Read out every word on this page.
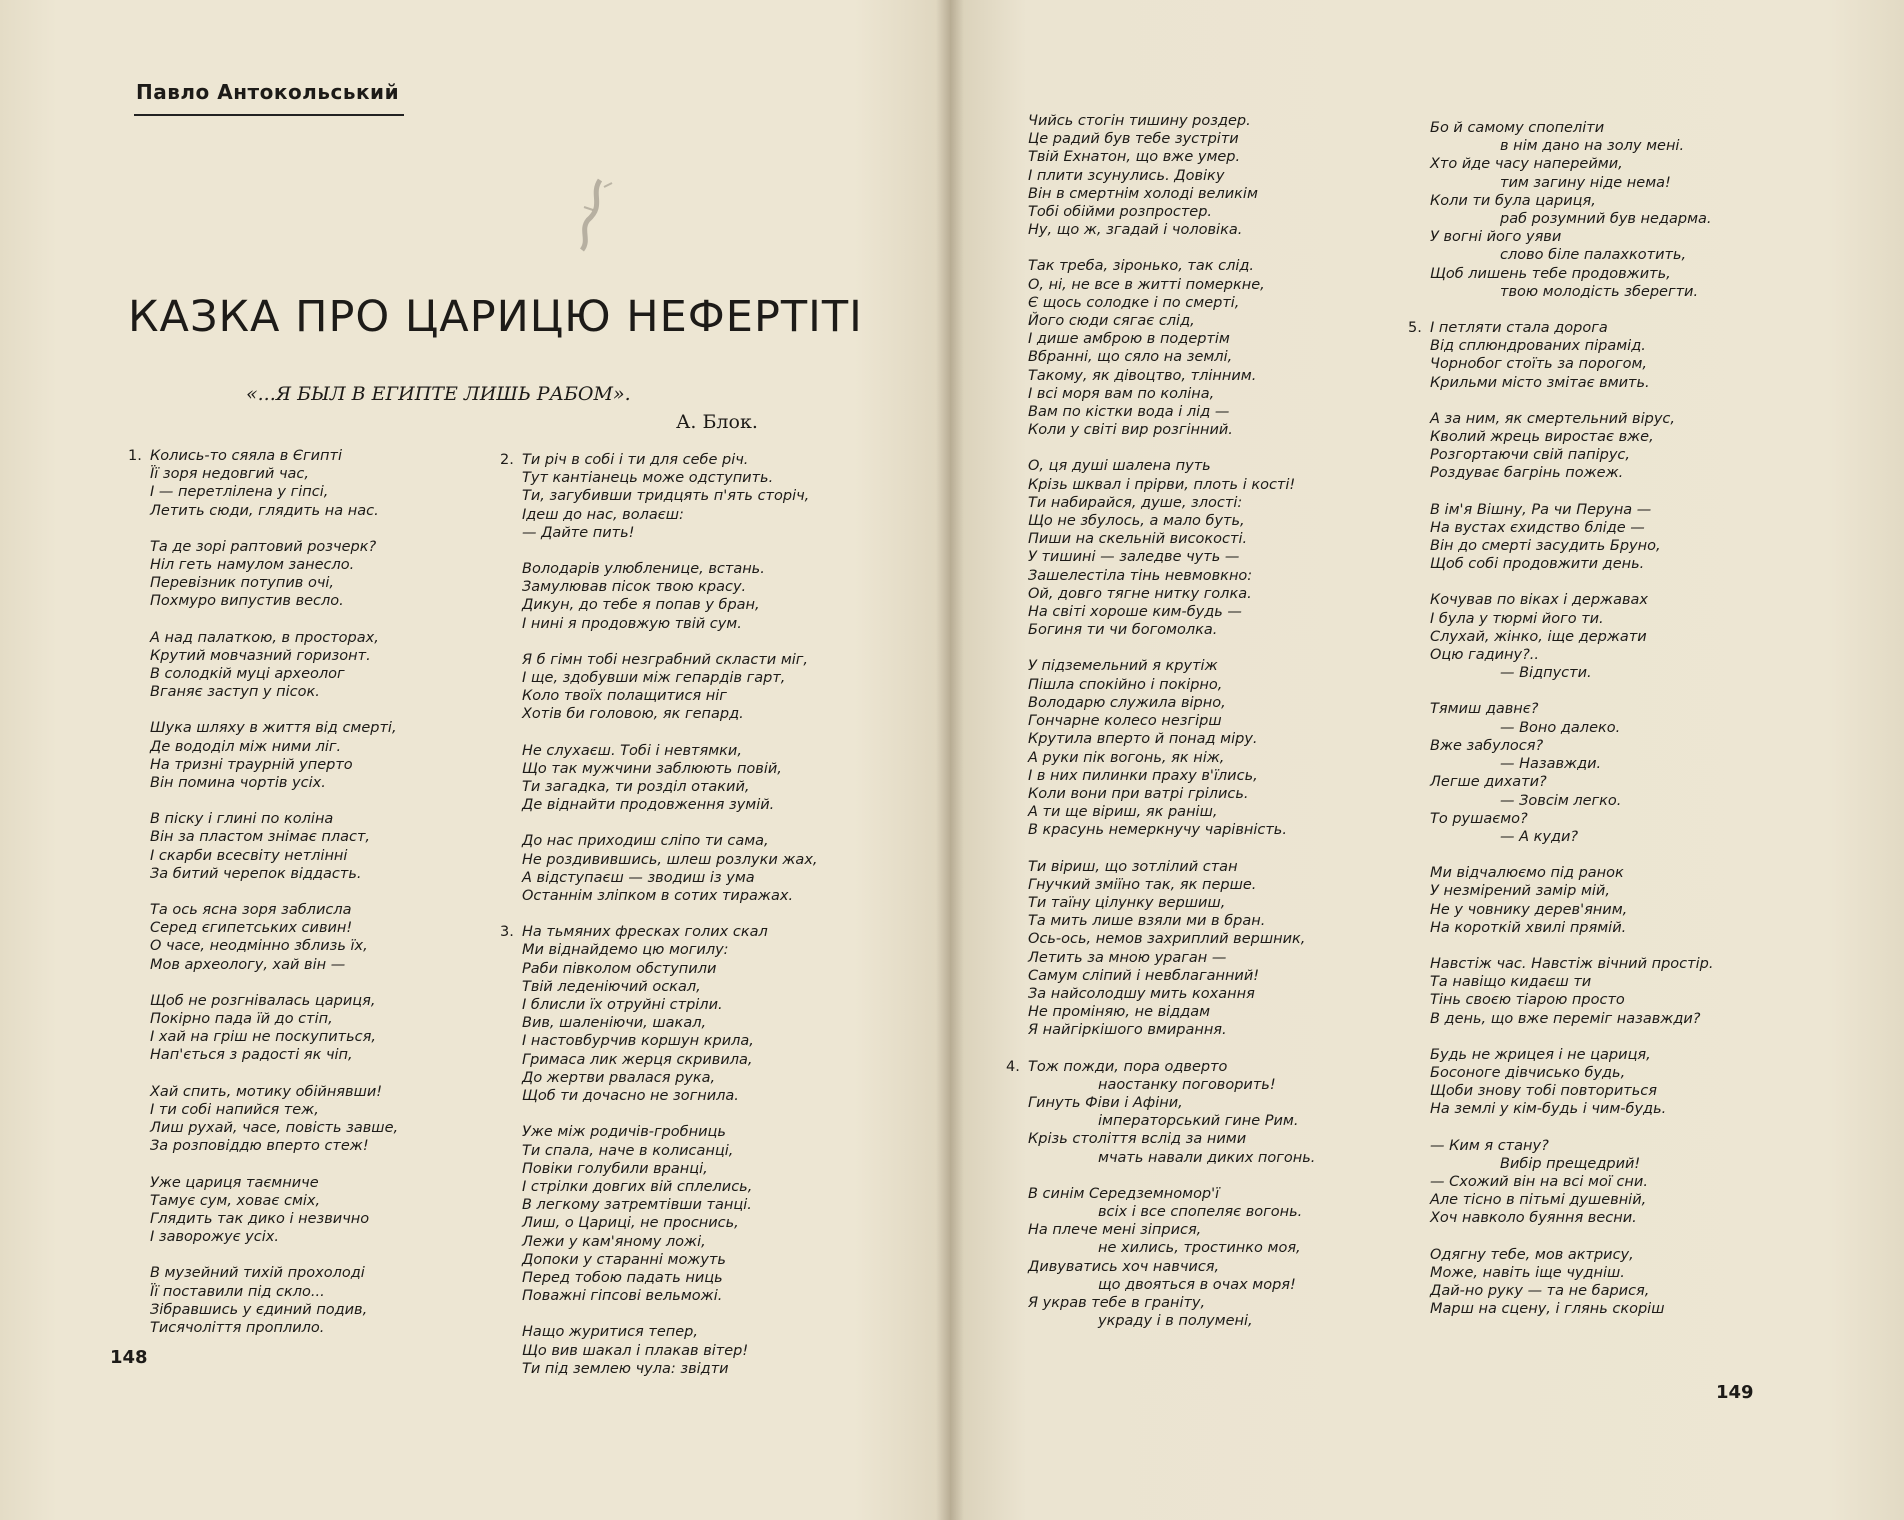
Павло Антокольський
КАЗКА ПРО ЦАРИЦЮ НЕФЕРТІТІ
«...Я БЫЛ В ЕГИПТЕ ЛИШЬ РАБОМ».
А. Блок.
1. Колись-то сяяла в Єгипті
Її зоря недовгий час,
І — перетлілена у гіпсі,
Летить сюди, глядить на нас.
Та де зорі раптовий розчерк?
Ніл геть намулом занесло.
Перевізник потупив очі,
Похмуро випустив весло.
А над палаткою, в просторах,
Крутий мовчазний горизонт.
В солодкій муці археолог
Вганяє заступ у пісок.
Шука шляху в життя від смерті,
Де вододіл між ними ліг.
На тризні траурній уперто
Він помина чортів усіх.
В піску і глині по коліна
Він за пластом знімає пласт,
І скарби всесвіту нетлінні
За битий черепок віддасть.
Та ось ясна зоря заблисла
Серед єгипетських сивин!
О часе, неодмінно зблизь їх,
Мов археологу, хай він —
Щоб не розгнівалась цариця,
Покірно пада їй до стіп,
І хай на гріш не поскупиться,
Нап'ється з радості як чіп,
Хай спить, мотику обійнявши!
І ти собі напийся теж,
Лиш рухай, часе, повість завше,
За розповіддю вперто стеж!
Уже цариця таємниче
Тамує сум, ховає сміх,
Глядить так дико і незвично
І заворожує усіх.
В музейний тихій прохолоді
Її поставили під скло...
Зібравшись у єдиний подив,
Тисячоліття проплило.
2. Ти річ в собі і ти для себе річ.
Тут кантіанець може одступить.
Ти, загубивши тридцять п'ять сторіч,
Ідеш до нас, волаєш:
— Дайте пить!
Володарів улюбленице, встань.
Замулював пісок твою красу.
Дикун, до тебе я попав у бран,
І нині я продовжую твій сум.
Я б гімн тобі незграбний скласти міг,
І ще, здобувши між гепардів гарт,
Коло твоїх полащитися ніг
Хотів би головою, як гепард.
Не слухаєш. Тобі і невтямки,
Що так мужчини заблюють повій,
Ти загадка, ти розділ отакий,
Де віднайти продовження зумій.
До нас приходиш сліпо ти сама,
Не роздивившись, шлеш розлуки жах,
А відступаєш — зводиш із ума
Останнім зліпком в сотих тиражах.
3. На тьмяних фресках голих скал
Ми віднайдемо цю могилу:
Раби півколом обступили
Твій леденіючий оскал,
І блисли їх отруйні стріли.
Вив, шаленіючи, шакал,
І настовбурчив коршун крила,
Гримаса лик жерця скривила,
До жертви рвалася рука,
Щоб ти дочасно не зогнила.
Уже між родичів-гробниць
Ти спала, наче в колисанці,
Повіки голубили вранці,
І стрілки довгих вій сплелись,
В легкому затремтівши танці.
Лиш, о Цариці, не проснись,
Лежи у кам'яному ложі,
Допоки у старанні можуть
Перед тобою падать ниць
Поважні гіпсові вельможі.
Нащо журитися тепер,
Що вив шакал і плакав вітер!
Ти під землею чула: звідти
148
Чийсь стогін тишину роздер.
Це радий був тебе зустріти
Твій Ехнатон, що вже умер.
І плити зсунулись. Довіку
Він в смертнім холоді великім
Тобі обійми розпростер.
Ну, що ж, згадай і чоловіка.
Так треба, зіронько, так слід.
О, ні, не все в житті померкне,
Є щось солодке і по смерті,
Його сюди сягає слід,
І дише амброю в подертім
Вбранні, що сяло на землі,
Такому, як дівоцтво, тлінним.
І всі моря вам по коліна,
Вам по кістки вода і лід —
Коли у світі вир розгінний.
О, ця душі шалена путь
Крізь шквал і прірви, плоть і кості!
Ти набирайся, душе, злості:
Що не збулось, а мало буть,
Пиши на скельній високості.
У тишині — заледве чуть —
Зашелестіла тінь невмовкно:
Ой, довго тягне нитку голка.
На світі хороше ким-будь —
Богиня ти чи богомолка.
У підземельний я крутіж
Пішла спокійно і покірно,
Володарю служила вірно,
Гончарне колесо незгірш
Крутила вперто й понад міру.
А руки пік вогонь, як ніж,
І в них пилинки праху в'їлись,
Коли вони при ватрі грілись.
А ти ще віриш, як раніш,
В красунь немеркнучу чарівність.
Ти віриш, що зотлілий стан
Гнучкий зміїно так, як перше.
Ти таїну цілунку вершиш,
Та мить лише взяли ми в бран.
Ось-ось, немов захриплий вершник,
Летить за мною ураган —
Самум сліпий і невблаганний!
За найсолодшу мить кохання
Не проміняю, не віддам
Я найгіркішого вмирання.
4. Тож пожди, пора одверто
наостанку поговорить!
Гинуть Фіви і Афіни,
імператорський гине Рим.
Крізь століття вслід за ними
мчать навали диких погонь.
В синім Середземномор'ї
всіх і все спопеляє вогонь.
На плече мені зіприся,
не хились, тростинко моя,
Дивуватись хоч навчися,
що двояться в очах моря!
Я украв тебе в граніту,
украду і в полумені,
Бо й самому спопеліти
в нім дано на золу мені.
Хто йде часу наперейми,
тим загину ніде нема!
Коли ти була цариця,
раб розумний був недарма.
У вогні його уяви
слово біле палахкотить,
Щоб лишень тебе продовжить,
твою молодість зберегти.
5. І петляти стала дорога
Від сплюндрованих пірамід.
Чорнобог стоїть за порогом,
Крильми місто змітає вмить.
А за ним, як смертельний вірус,
Кволий жрець виростає вже,
Розгортаючи свій папірус,
Роздуває багрінь пожеж.
В ім'я Вішну, Ра чи Перуна —
На вустах єхидство бліде —
Він до смерті засудить Бруно,
Щоб собі продовжити день.
Кочував по віках і державах
І була у тюрмі його ти.
Слухай, жінко, іще держати
Оцю гадину?..
— Відпусти.
Тямиш давнє?
— Воно далеко.
Вже забулося?
— Назавжди.
Легше дихати?
— Зовсім легко.
То рушаємо?
— А куди?
Ми відчалюємо під ранок
У незмірений замір мій,
Не у човнику дерев'яним,
На короткій хвилі прямій.
Навстіж час. Навстіж вічний простір.
Та навіщо кидаєш ти
Тінь своєю тіарою просто
В день, що вже переміг назавжди?
Будь не жрицея і не цариця,
Босоноге дівчисько будь,
Щоби знову тобі повториться
На землі у кім-будь і чим-будь.
— Ким я стану?
Вибір прещедрий!
— Схожий він на всі мої сни.
Але тісно в пітьмі душевній,
Хоч навколо буяння весни.
Одягну тебе, мов актрису,
Може, навіть іще чудніш.
Дай-но руку — та не барися,
Марш на сцену, і глянь скоріш
149
